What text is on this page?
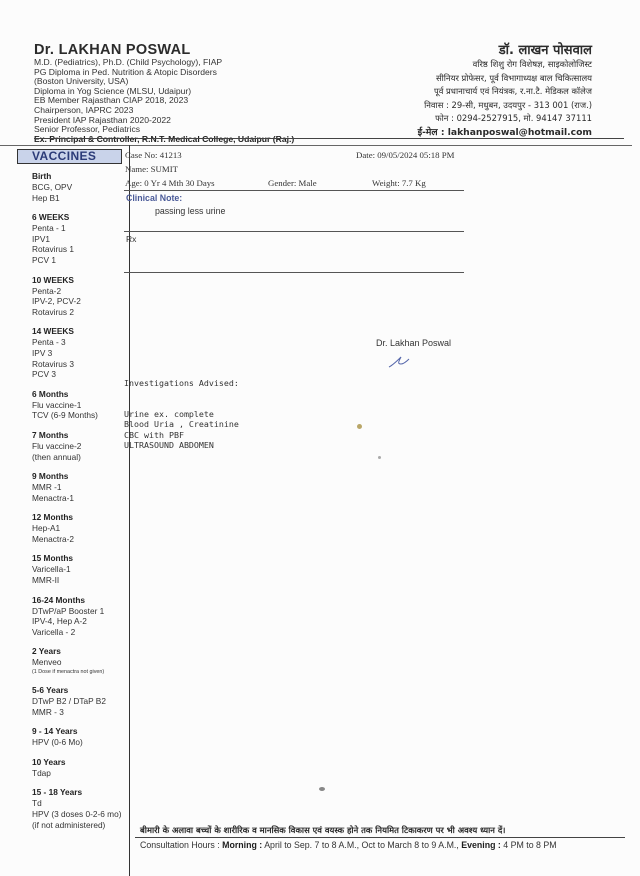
Dr. LAKHAN POSWAL
M.D. (Pediatrics), Ph.D. (Child Psychology), FIAP
PG Diploma in Ped. Nutrition & Atopic Disorders
(Boston University, USA)
Diploma in Yog Science (MLSU, Udaipur)
EB Member Rajasthan CIAP 2018, 2023
Chairperson, IAPRC 2023
President IAP Rajasthan 2020-2022
Senior Professor, Pediatrics
डॉ. लाखन पोसवाल
वरिष्ठ शिशु रोग विशेषज्ञ, साइकोलोजिस्ट
सीनियर प्रोफेसर, पूर्व विभागाध्यक्ष बाल चिकित्सालय
पूर्व प्रधानाचार्य एवं नियंत्रक, र.ना.टै. मेडिकल कॉलेज
निवास : 29-सी, मधुबन, उदयपुर - 313 001 (राज.)
फोन : 0294-2527915, मो. 94147 37111
ई-मेल : lakhanposwal@hotmail.com
VACCINES
Birth
BCG, OPV
Hep B1
6 WEEKS
Penta - 1
IPV1
Rotavirus 1
PCV 1
10 WEEKS
Penta-2
IPV-2, PCV-2
Rotavirus 2
14 WEEKS
Penta - 3
IPV 3
Rotavirus 3
PCV 3
6 Months
Flu vaccine-1
TCV (6-9 Months)
7 Months
Flu vaccine-2
(then annual)
9 Months
MMR -1
Menactra-1
12 Months
Hep-A1
Menactra-2
15 Months
Varicella-1
MMR-II
16-24 Months
DTwP/aP Booster 1
IPV-4, Hep A-2
Varicella - 2
2 Years
Menveo
(1 Dose if menactra not given)
5-6 Years
DTwP B2 / DTaP B2
MMR - 3
9 - 14 Years
HPV (0-6 Mo)
10 Years
Tdap
15 - 18 Years
Td
HPV (3 doses 0-2-6 mo)
(if not administered)
Case No: 41213	Date: 09/05/2024 05:18 PM
Name: SUMIT
Age: 0 Yr 4 Mth 30 Days	Gender: Male	Weight: 7.7 Kg
Clinical Note:
passing less urine
Rx
Dr. Lakhan Poswal

Investigations Advised:

Urine ex. complete
Blood Uria , Creatinine
CBC with PBF
ULTRASOUND ABDOMEN

बीमारी के अलावा बच्चों के शारीरिक व मानसिक विकास एवं वयस्क होने तक नियमित टिकाकरण पर भी अवश्य ध्यान दें।
Consultation Hours : Morning : April to Sep. 7 to 8 A.M., Oct to March 8 to 9 A.M., Evening : 4 PM to 8 PM
